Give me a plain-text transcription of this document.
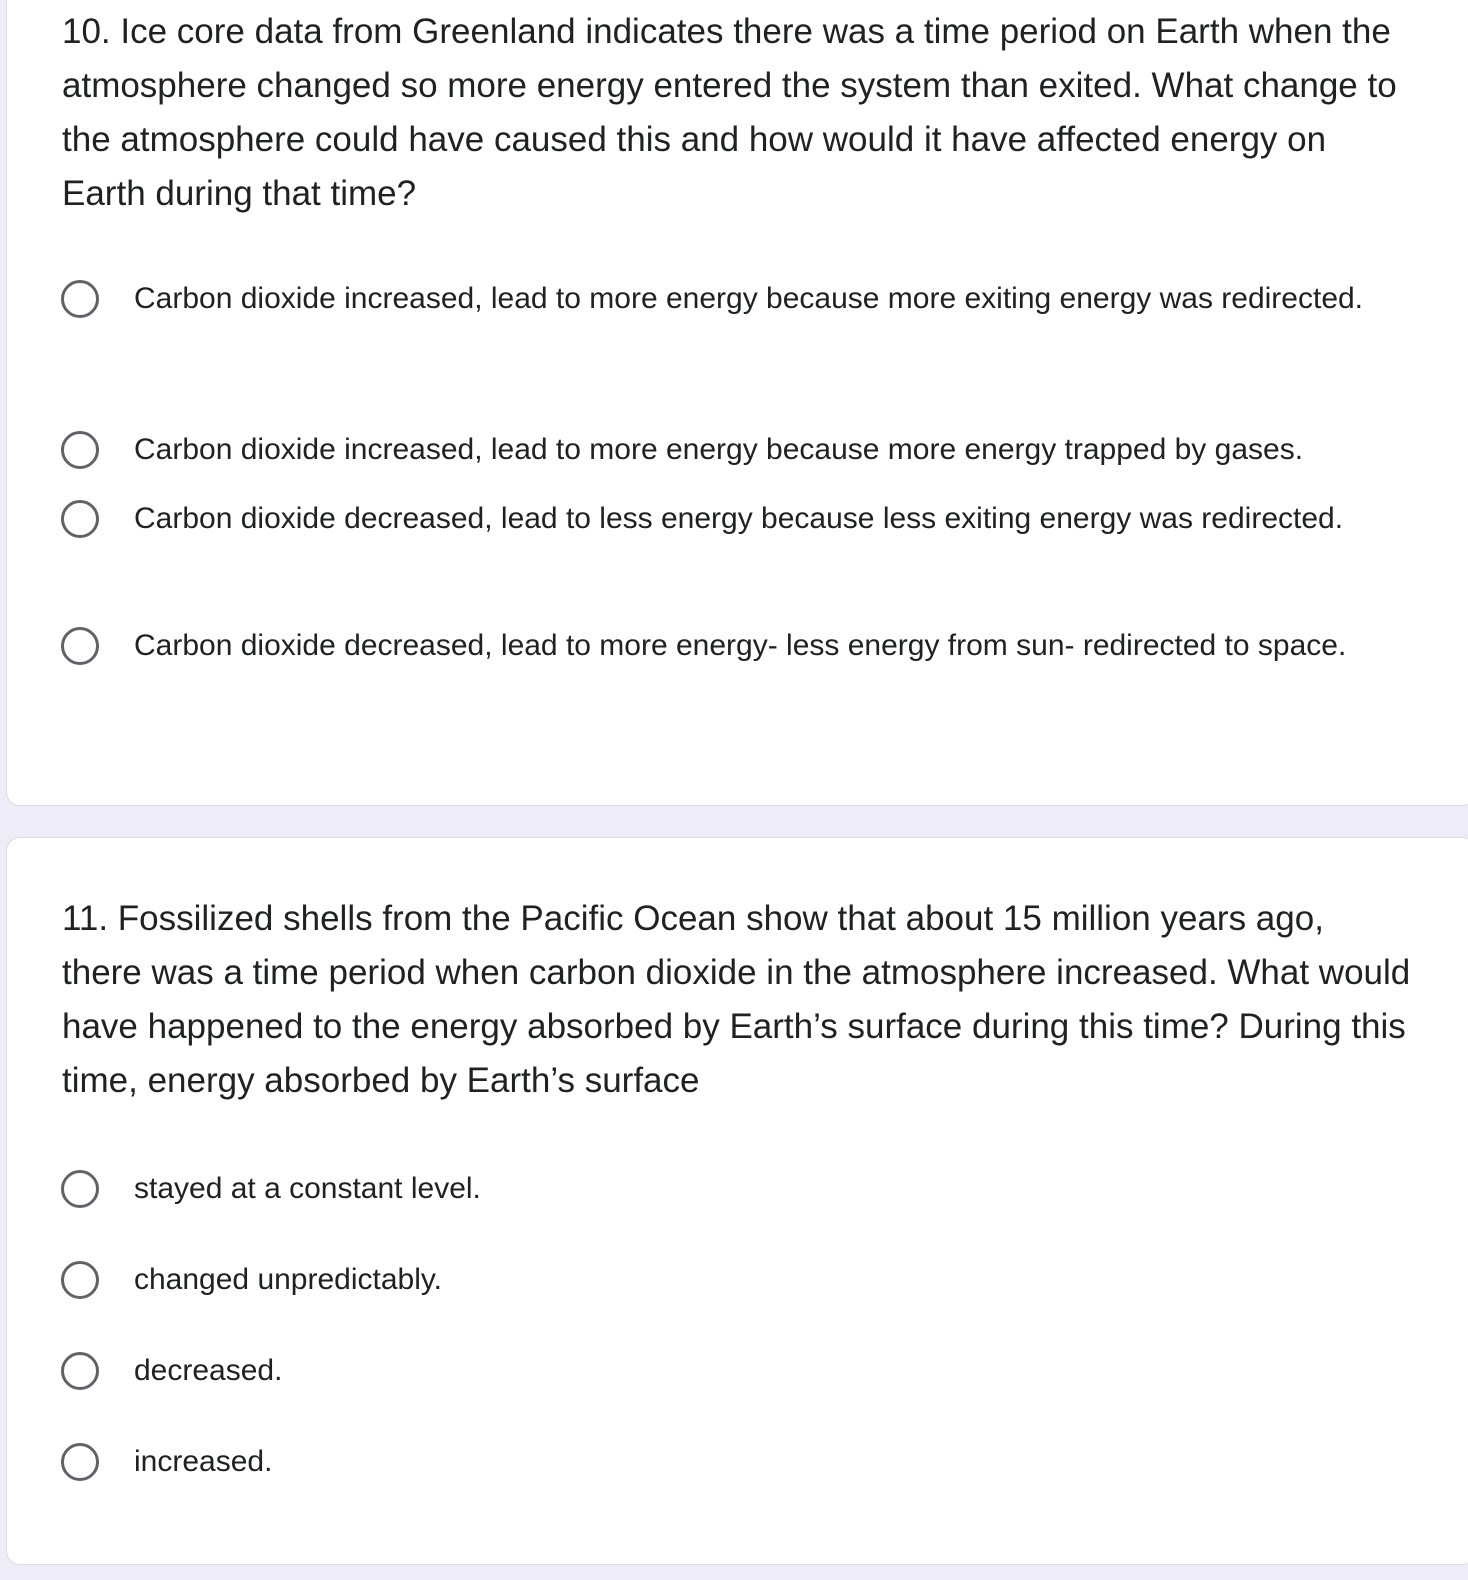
10. Ice core data from Greenland indicates there was a time period on Earth when the atmosphere changed so more energy entered the system than exited. What change to the atmosphere could have caused this and how would it have affected energy on Earth during that time?

Carbon dioxide increased, lead to more energy because more exiting energy was redirected.
Carbon dioxide increased, lead to more energy because more energy trapped by gases.
Carbon dioxide decreased, lead to less energy because less exiting energy was redirected.
Carbon dioxide decreased, lead to more energy- less energy from sun- redirected to space.

11. Fossilized shells from the Pacific Ocean show that about 15 million years ago, there was a time period when carbon dioxide in the atmosphere increased. What would have happened to the energy absorbed by Earth’s surface during this time? During this time, energy absorbed by Earth’s surface

stayed at a constant level.
changed unpredictably.
decreased.
increased.
